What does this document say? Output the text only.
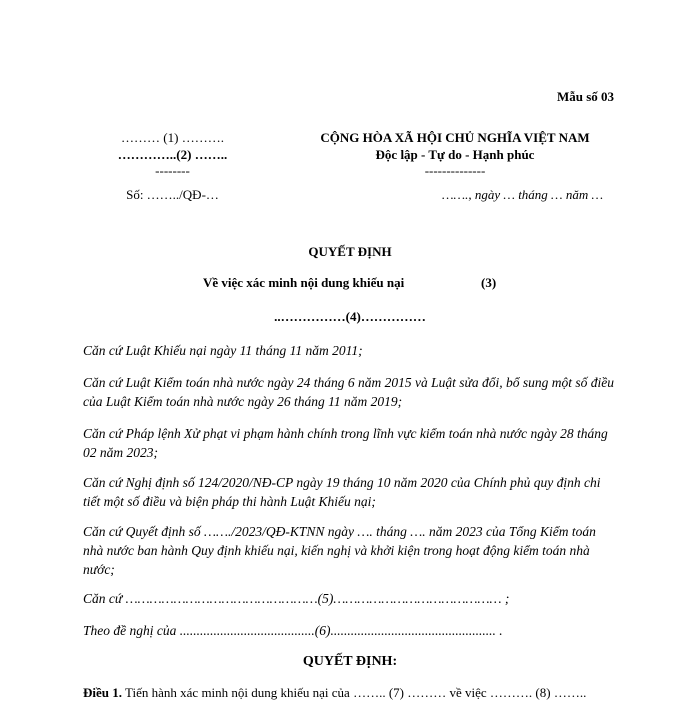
Mẫu số 03
……… (1) ……….
…………..(2) ……..
--------
Số: ……../QĐ-…
CỘNG HÒA XÃ HỘI CHỦ NGHĨA VIỆT NAM
Độc lập - Tự do - Hạnh phúc
--------------
……., ngày … tháng … năm …
QUYẾT ĐỊNH
Về việc xác minh nội dung khiếu nại	(3)
..……………(4)……………
Căn cứ Luật Khiếu nại ngày 11 tháng 11 năm 2011;
Căn cứ Luật Kiểm toán nhà nước ngày 24 tháng 6 năm 2015 và Luật sửa đổi, bổ sung một số điều của Luật Kiểm toán nhà nước ngày 26 tháng 11 năm 2019;
Căn cứ Pháp lệnh Xử phạt vi phạm hành chính trong lĩnh vực kiểm toán nhà nước ngày 28 tháng 02 năm 2023;
Căn cứ Nghị định số 124/2020/NĐ-CP ngày 19 tháng 10 năm 2020 của Chính phủ quy định chi tiết một số điều và biện pháp thi hành Luật Khiếu nại;
Căn cứ Quyết định số ……./2023/QĐ-KTNN ngày …. tháng …. năm 2023 của Tổng Kiểm toán nhà nước ban hành Quy định khiếu nại, kiến nghị và khởi kiện trong hoạt động kiểm toán nhà nước;
Căn cứ …………………………………………(5)…………………………………… ;
Theo đề nghị của ........................................(6)................................................. .
QUYẾT ĐỊNH:
Điều 1. Tiến hành xác minh nội dung khiếu nại của …….. (7) ……… về việc ………. (8) ……..
